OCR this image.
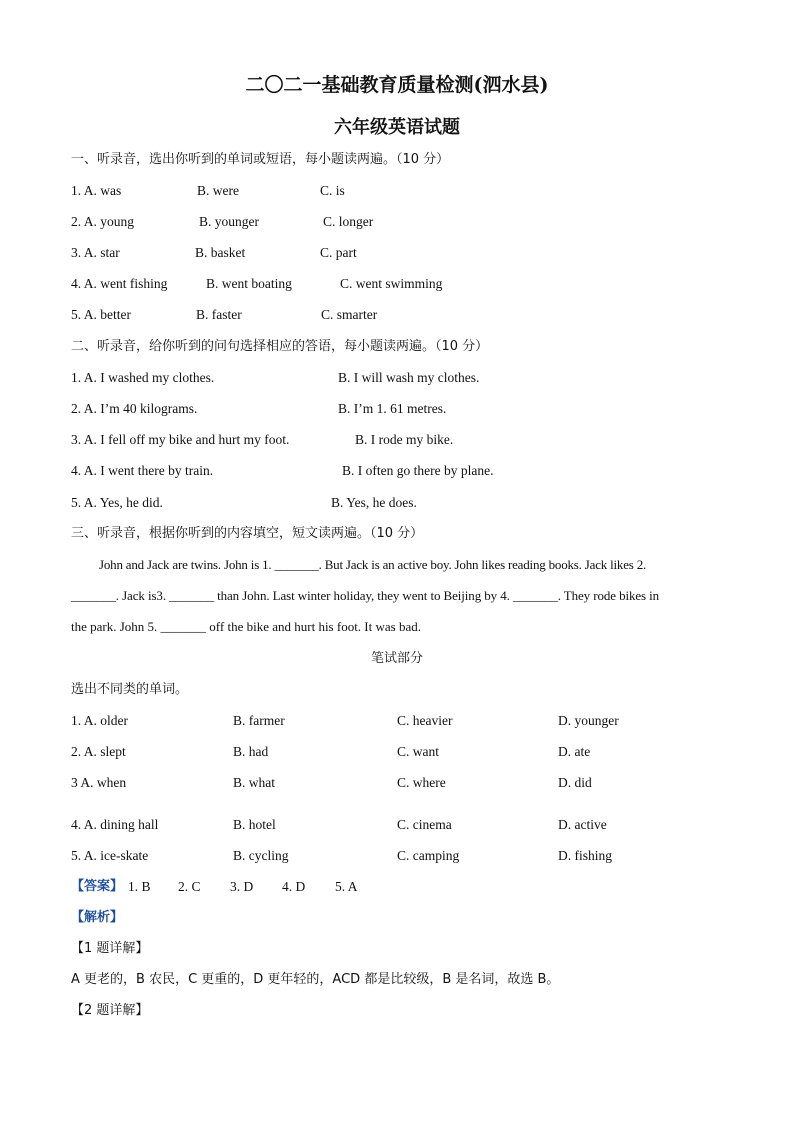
二〇二一基础教育质量检测(泗水县)
六年级英语试题
一、听录音，选出你听到的单词或短语，每小题读两遍。（10 分）
1. A. was	B. were	C. is
2. A. young	B. younger	C. longer
3. A. star	B. basket	C. part
4. A. went fishing	B. went boating	C. went swimming
5. A. better	B. faster	C. smarter
二、听录音，给你听到的问句选择相应的答语，每小题读两遍。（10 分）
1. A. I washed my clothes.	B. I will wash my clothes.
2. A. I’m 40 kilograms.	B. I’m 1. 61 metres.
3. A. I fell off my bike and hurt my foot.	B. I rode my bike.
4. A. I went there by train.	B. I often go there by plane.
5. A. Yes, he did.	B. Yes, he does.
三、听录音，根据你听到的内容填空，短文读两遍。（10 分）
John and Jack are twins. John is 1. _______. But Jack is an active boy. John likes reading books. Jack likes 2.
_______. Jack is3. _______ than John. Last winter holiday, they went to Beijing by 4. _______. They rode bikes in
the park. John 5. _______ off the bike and hurt his foot. It was bad.
笔试部分
选出不同类的单词。
1. A. older	B. farmer	C. heavier	D. younger
2. A. slept	B. had	C. want	D. ate
3 A. when	B. what	C. where	D. did
4. A. dining hall	B. hotel	C. cinema	D. active
5. A. ice-skate	B. cycling	C. camping	D. fishing
【答案】 1. B 2. C 3. D 4. D 5. A
【解析】
【1 题详解】
A 更老的，B 农民，C 更重的，D 更年轻的，ACD 都是比较级，B 是名词，故选 B。
【2 题详解】
